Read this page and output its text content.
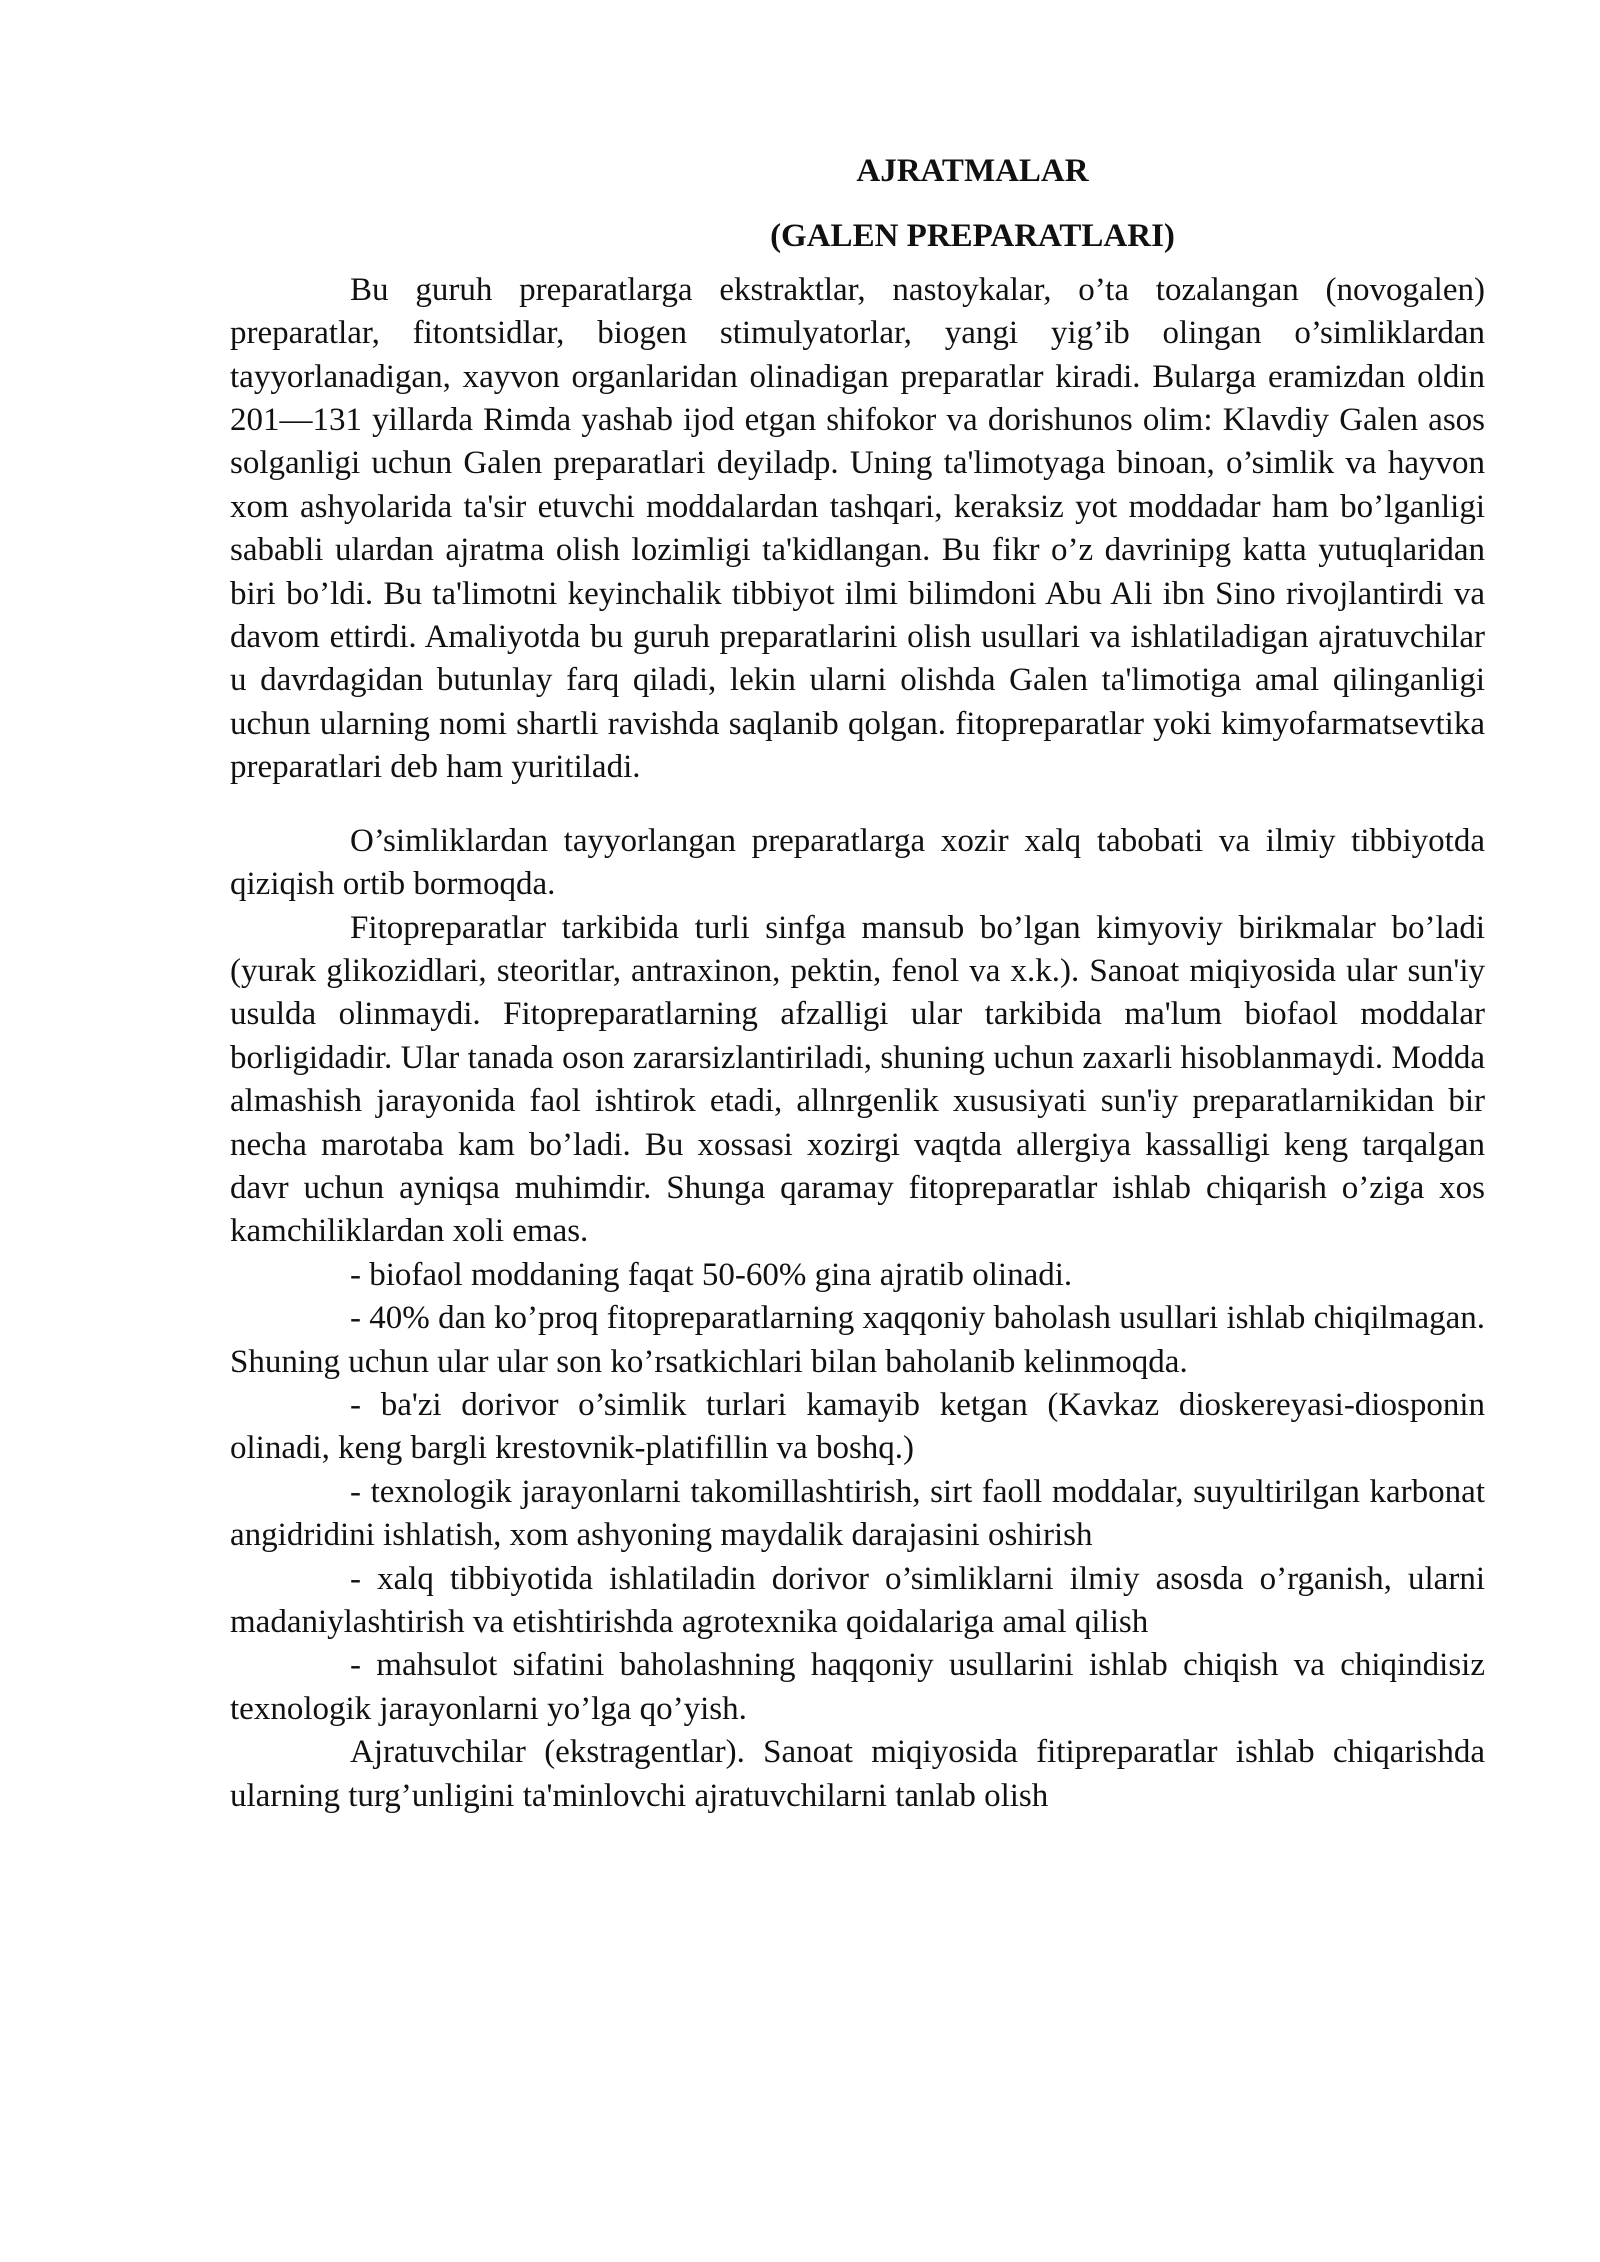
AJRATMALAR
(GALEN PREPARATLARI)

Bu guruh preparatlarga ekstraktlar, nastoykalar, o’ta tozalangan (novogalen) preparatlar, fitontsidlar, biogen stimulyatorlar, yangi yig’ib olingan o’simliklardan tayyorlanadigan, xayvon organlaridan olinadigan preparatlar kiradi. Bularga eramizdan oldin 201—131 yillarda Rimda yashab ijod etgan shifokor va dorishunos olim: Klavdiy Galen asos solganligi uchun Galen preparatlari deyiladp. Uning ta'limotyaga binoan, o’simlik va hayvon xom ashyolarida ta'sir etuvchi moddalardan tashqari, keraksiz yot moddadar ham bo’lganligi sababli ulardan ajratma olish lozimligi ta'kidlangan. Bu fikr o’z davrinipg katta yutuqlaridan biri bo’ldi. Bu ta'limotni keyinchalik tibbiyot ilmi bilimdoni Abu Ali ibn Sino rivojlantirdi va davom ettirdi. Amaliyotda bu guruh preparatlarini olish usullari va ishlatiladigan ajratuvchilar u davrdagidan butunlay farq qiladi, lekin ularni olishda Galen ta'limotiga amal qilinganligi uchun ularning nomi shartli ravishda saqlanib qolgan. fitopreparatlar yoki kimyofarmatsevtika preparatlari deb ham yuritiladi.

O’simliklardan tayyorlangan preparatlarga xozir xalq tabobati va ilmiy tibbiyotda qiziqish ortib bormoqda.

Fitopreparatlar tarkibida turli sinfga mansub bo’lgan kimyoviy birikmalar bo’ladi (yurak glikozidlari, steoritlar, antraxinon, pektin, fenol va x.k.). Sanoat miqiyosida ular sun'iy usulda olinmaydi. Fitopreparatlarning afzalligi ular tarkibida ma'lum biofaol moddalar borligidadir. Ular tanada oson zararsizlantiriladi, shuning uchun zaxarli hisoblanmaydi. Modda almashish jarayonida faol ishtirok etadi, allnrgenlik xususiyati sun'iy preparatlarnikidan bir necha marotaba kam bo’ladi. Bu xossasi xozirgi vaqtda allergiya kassalligi keng tarqalgan davr uchun ayniqsa muhimdir. Shunga qaramay fitopreparatlar ishlab chiqarish o’ziga xos kamchiliklardan xoli emas.

- biofaol moddaning faqat 50-60% gina ajratib olinadi.

- 40% dan ko’proq fitopreparatlarning xaqqoniy baholash usullari ishlab chiqilmagan. Shuning uchun ular ular son ko’rsatkichlari bilan baholanib kelinmoqda.

- ba'zi dorivor o’simlik turlari kamayib ketgan (Kavkaz dioskereyasi-diosponin olinadi, keng bargli krestovnik-platifillin va boshq.)

- texnologik jarayonlarni takomillashtirish, sirt faoll moddalar, suyultirilgan karbonat angidridini ishlatish, xom ashyoning maydalik darajasini oshirish

- xalq tibbiyotida ishlatiladin dorivor o’simliklarni ilmiy asosda o’rganish, ularni madaniylashtirish va etishtirishda agrotexnika qoidalariga amal qilish

- mahsulot sifatini baholashning haqqoniy usullarini ishlab chiqish va chiqindisiz texnologik jarayonlarni yo’lga qo’yish.

Ajratuvchilar (ekstragentlar). Sanoat miqiyosida fitipreparatlar ishlab chiqarishda ularning turg’unligini ta'minlovchi ajratuvchilarni tanlab olish
